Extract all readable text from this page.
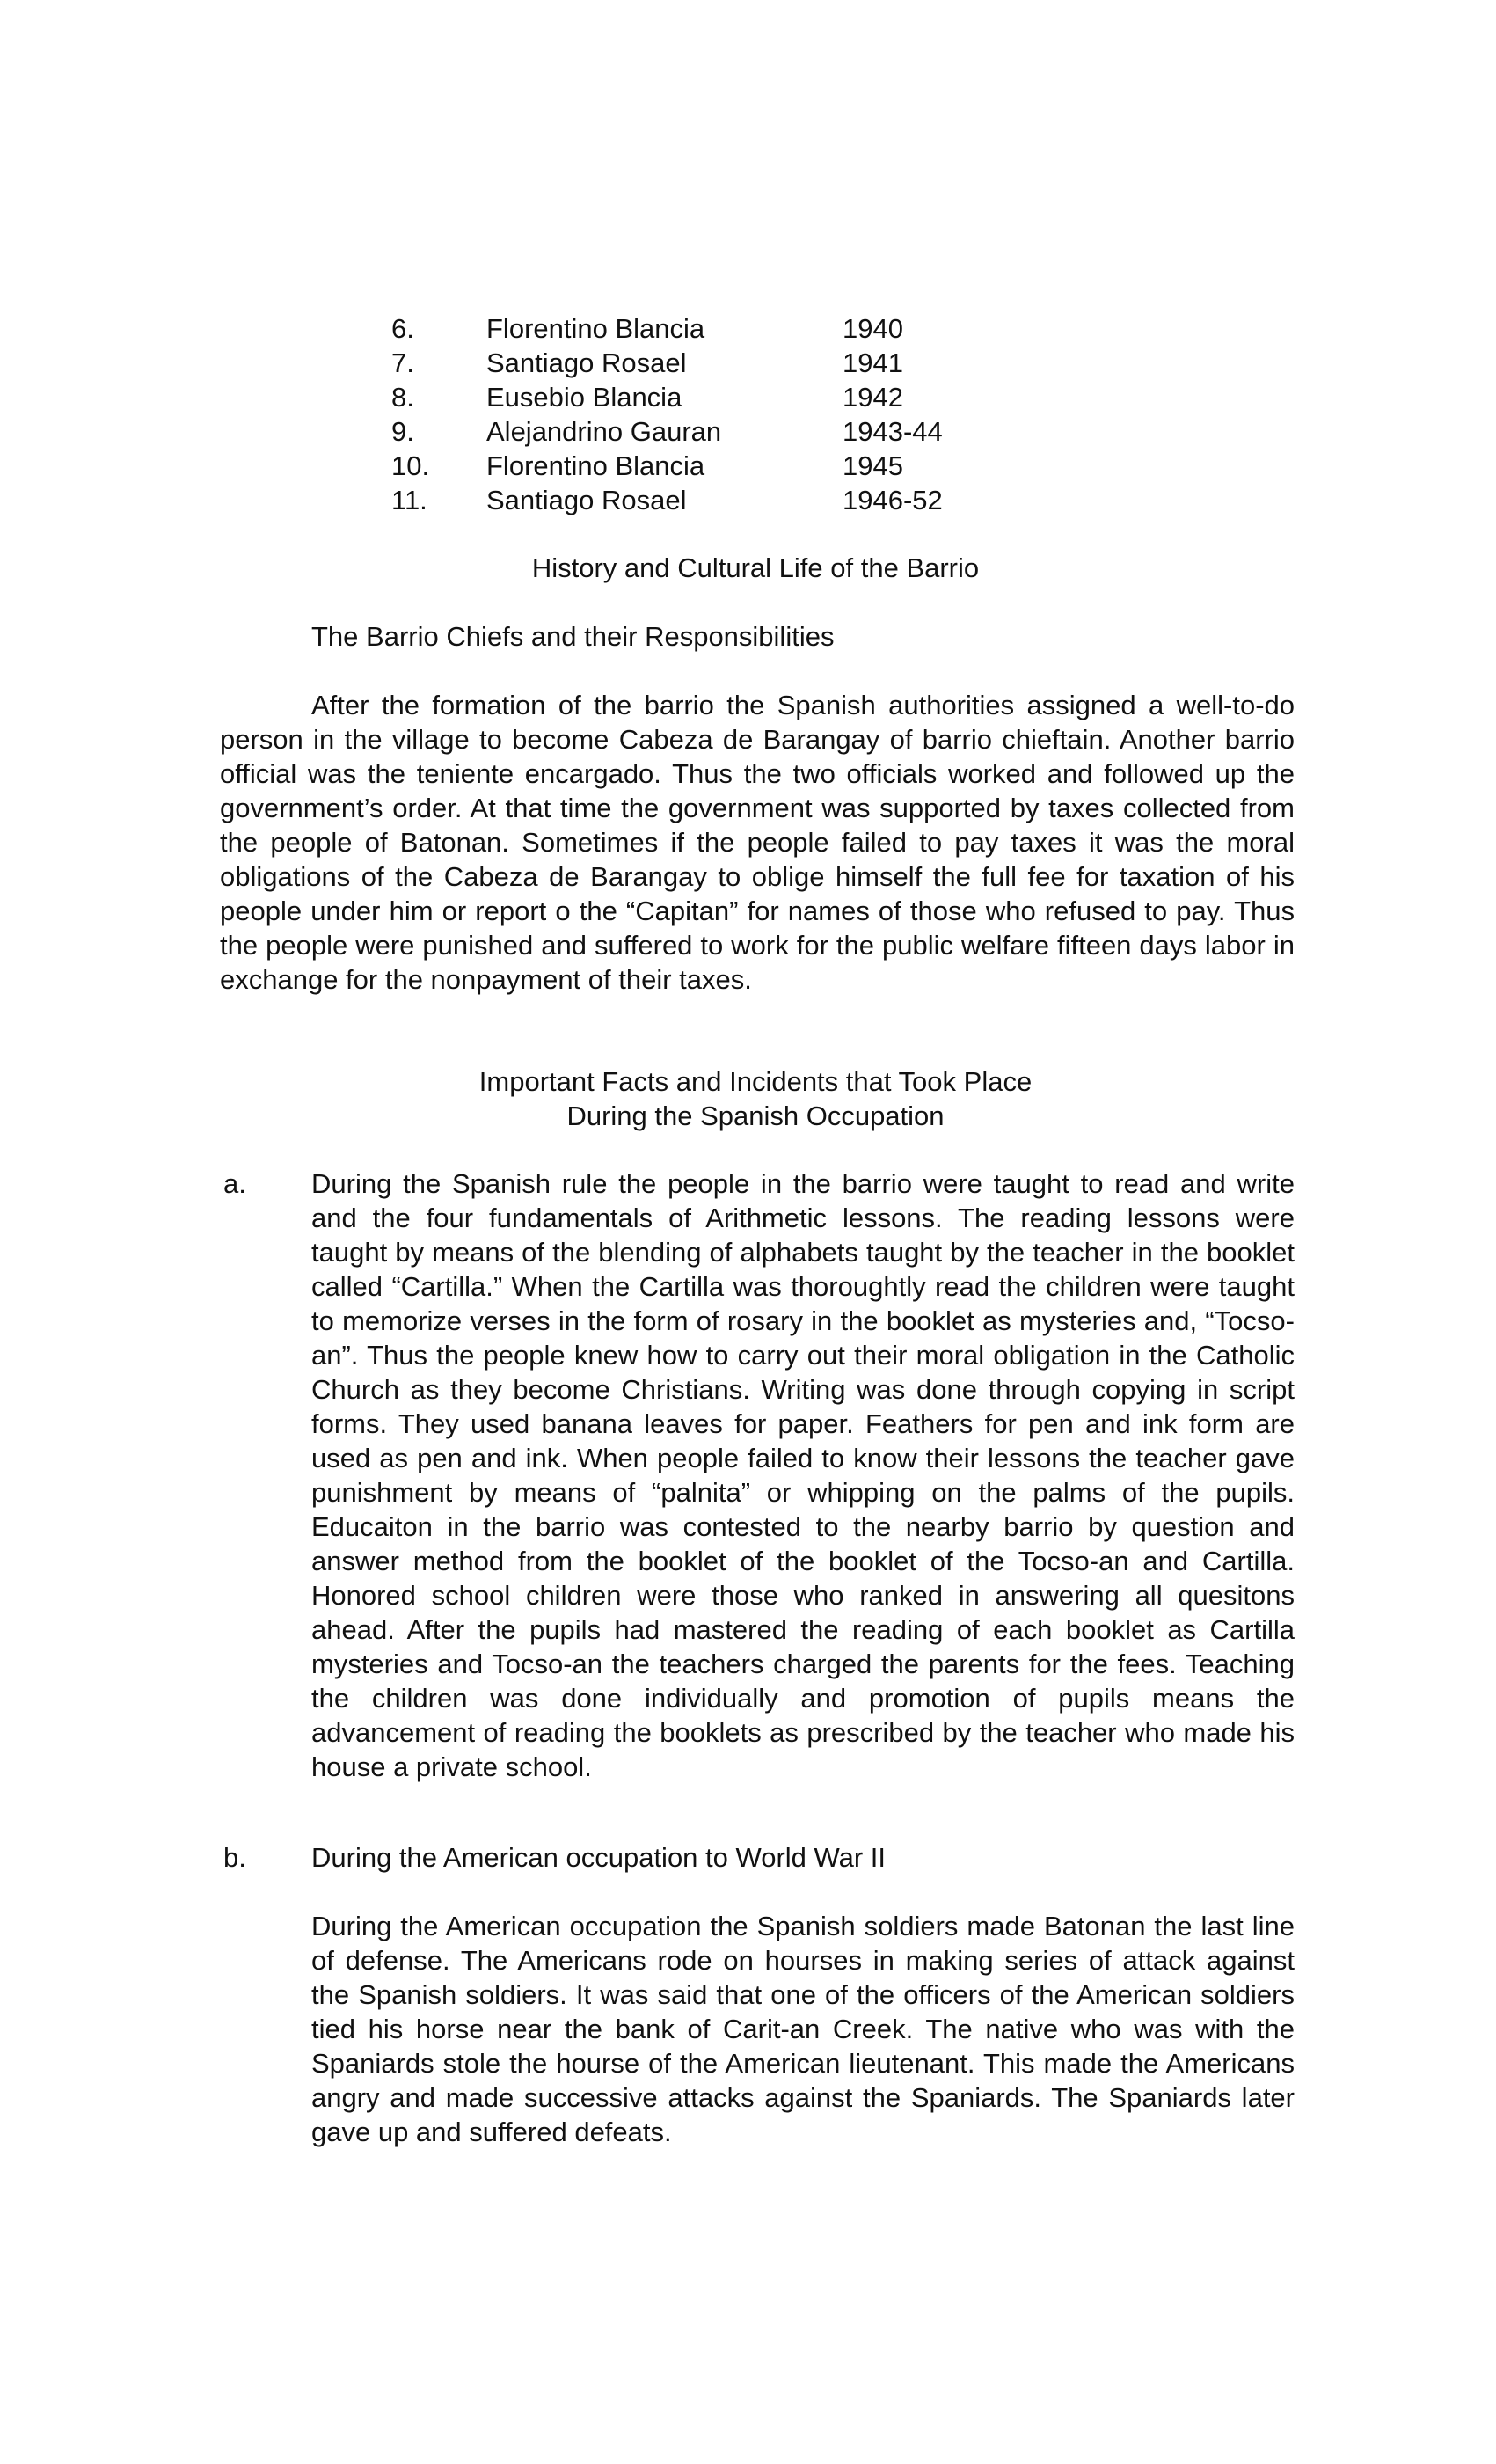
6.	Florentino Blancia	1940
7.	Santiago Rosael	1941
8.	Eusebio Blancia	1942
9.	Alejandrino Gauran	1943-44
10.	Florentino Blancia	1945
11.	Santiago Rosael	1946-52
History and Cultural Life of the Barrio
The Barrio Chiefs and their Responsibilities

After the formation of the barrio the Spanish authorities assigned a well-to-do person in the village to become Cabeza de Barangay of barrio chieftain. Another barrio official was the teniente encargado. Thus the two officials worked and followed up the government’s order. At that time the government was supported by taxes collected from the people of Batonan. Sometimes if the people failed to pay taxes it was the moral obligations of the Cabeza de Barangay to oblige himself the full fee for taxation of his people under him or report o the “Capitan” for names of those who refused to pay. Thus the people were punished and suffered to work for the public welfare fifteen days labor in exchange for the nonpayment of their taxes.

Important Facts and Incidents that Took Place
During the Spanish Occupation
a. During the Spanish rule the people in the barrio were taught to read and write and the four fundamentals of Arithmetic lessons. The reading lessons were taught by means of the blending of alphabets taught by the teacher in the booklet called “Cartilla.” When the Cartilla was thoroughtly read the children were taught to memorize verses in the form of rosary in the booklet as mysteries and, “Tocso-an”. Thus the people knew how to carry out their moral obligation in the Catholic Church as they become Christians. Writing was done through copying in script forms. They used banana leaves for paper. Feathers for pen and ink form are used as pen and ink. When people failed to know their lessons the teacher gave punishment by means of “palnita” or whipping on the palms of the pupils. Educaiton in the barrio was contested to the nearby barrio by question and answer method from the booklet of the booklet of the Tocso-an and Cartilla. Honored school children were those who ranked in answering all quesitons ahead. After the pupils had mastered the reading of each booklet as Cartilla mysteries and Tocso-an the teachers charged the parents for the fees. Teaching the children was done individually and promotion of pupils means the advancement of reading the booklets as prescribed by the teacher who made his house a private school.

b. During the American occupation to World War II

During the American occupation the Spanish soldiers made Batonan the last line of defense. The Americans rode on hourses in making series of attack against the Spanish soldiers. It was said that one of the officers of the American soldiers tied his horse near the bank of Carit-an Creek. The native who was with the Spaniards stole the hourse of the American lieutenant. This made the Americans angry and made successive attacks against the Spaniards. The Spaniards later gave up and suffered defeats.
